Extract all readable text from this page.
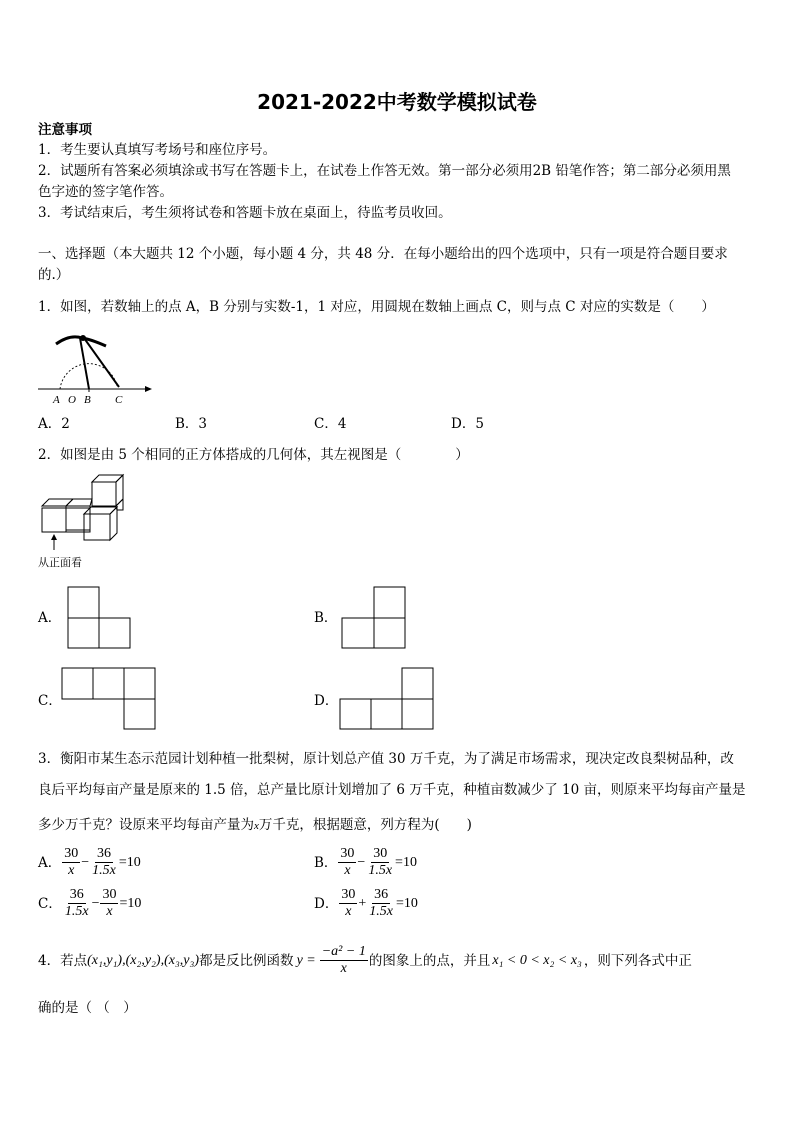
2021-2022中考数学模拟试卷
注意事项
1．考生要认真填写考场号和座位序号。
2．试题所有答案必须填涂或书写在答题卡上，在试卷上作答无效。第一部分必须用2B 铅笔作答；第二部分必须用黑
色字迹的签字笔作答。
3．考试结束后，考生须将试卷和答题卡放在桌面上，待监考员收回。
一、选择题（本大题共 12 个小题，每小题 4 分，共 48 分．在每小题给出的四个选项中，只有一项是符合题目要求
的.）
1．如图，若数轴上的点 A，B 分别与实数-1，1 对应，用圆规在数轴上画点 C，则与点 C 对应的实数是（　　）
A O B C
A．2	B．3	C．4	D．5
2．如图是由 5 个相同的正方体搭成的几何体，其左视图是（　　　　）
从正面看
A．	B．
C．	D．
3．衡阳市某生态示范园计划种植一批梨树，原计划总产值 30 万千克，为了满足市场需求，现决定改良梨树品种，改
良后平均每亩产量是原来的 1.5 倍，总产量比原计划增加了 6 万千克，种植亩数减少了 10 亩，则原来平均每亩产量是
多少万千克？设原来平均每亩产量为x万千克，根据题意，列方程为(　　)
A． $\frac{30}{x} - \frac{36}{1.5x} =10$	B． $\frac{30}{x} - \frac{30}{1.5x} =10$
C． $\frac{36}{1.5x} - \frac{30}{x} =10$	D． $\frac{30}{x} + \frac{36}{1.5x} =10$
4．若点 (x₁,y₁),(x₂,y₂),(x₃,y₃) 都是反比例函数 $y = \frac{\text{−a² − 1}}{x}$ 的图象上的点，并且 x₁ < 0 < x₂ < x₃ ，则下列各式中正
确的是（ （　）
